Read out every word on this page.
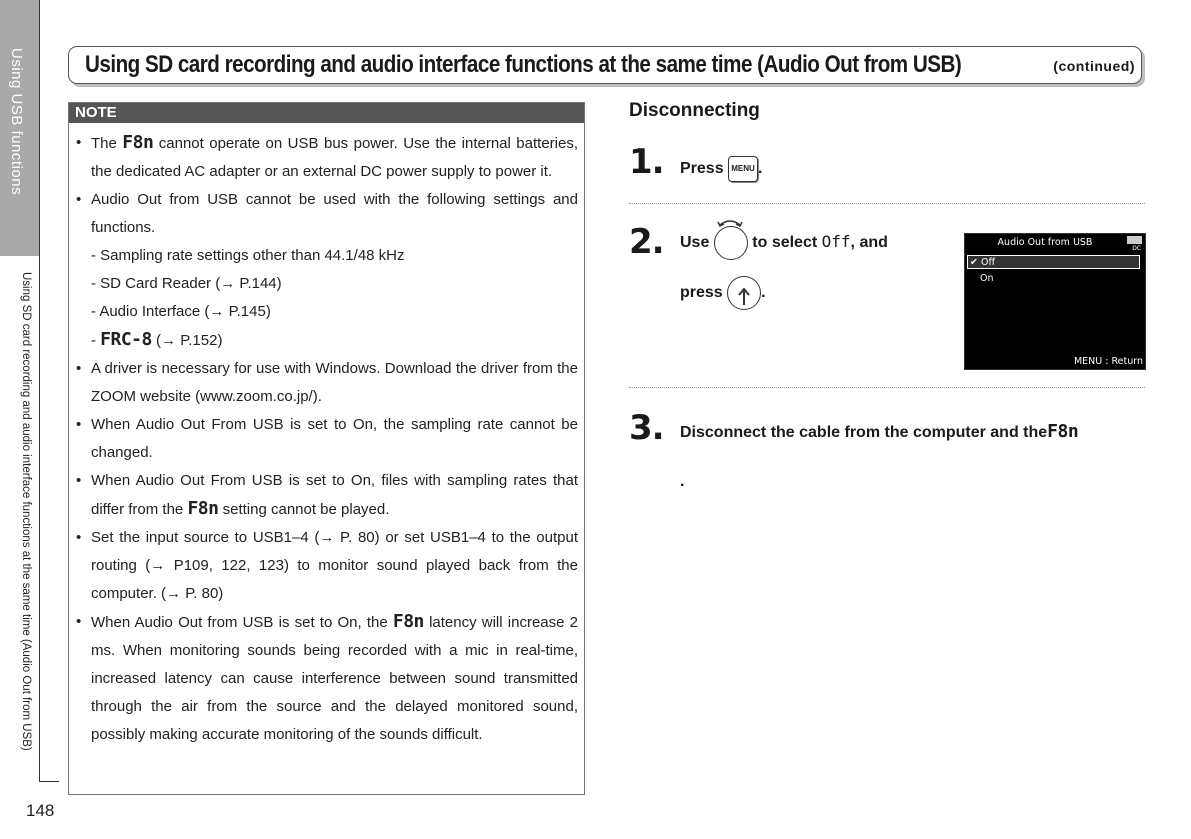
Using USB functions
Using SD card recording and audio interface functions at the same time (Audio Out from USB)
148
Using SD card recording and audio interface functions at the same time (Audio Out from USB)	(continued)
NOTE
• The F8n cannot operate on USB bus power. Use the internal batteries, the dedicated AC adapter or an external DC power supply to power it.
• Audio Out from USB cannot be used with the following settings and functions.
- Sampling rate settings other than 44.1/48 kHz
- SD Card Reader (→ P.144)
- Audio Interface (→ P.145)
- FRC-8 (→ P.152)
• A driver is necessary for use with Windows. Download the driver from the ZOOM website (www.zoom.co.jp/).
• When Audio Out From USB is set to On, the sampling rate cannot be changed.
• When Audio Out From USB is set to On, files with sampling rates that differ from the F8n setting cannot be played.
• Set the input source to USB1–4 (→ P. 80) or set USB1–4 to the output routing (→ P109, 122, 123) to monitor sound played back from the computer. (→ P. 80)
• When Audio Out from USB is set to On, the F8n latency will increase 2 ms. When monitoring sounds being recorded with a mic in real-time, increased latency can cause interference between sound transmitted through the air from the source and the delayed monitored sound, possibly making accurate monitoring of the sounds difficult.
Disconnecting
1. Press MENU .
2. Use	to select Off, and
press .
Audio Out from USB
DC
✔ Off
On
MENU : Return
3. Disconnect the cable from the computer and theF8n
.
